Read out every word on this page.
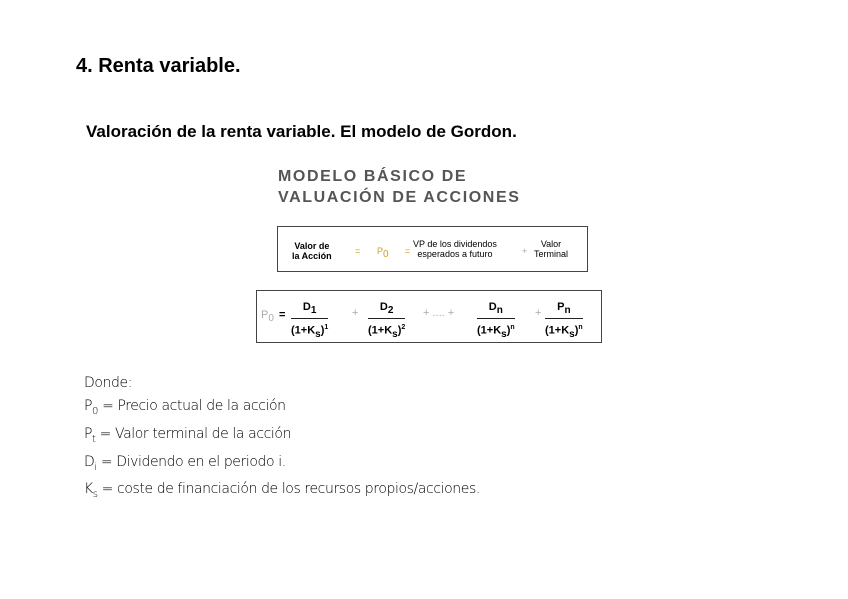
4. Renta variable.
Valoración de la renta variable. El modelo de Gordon.
MODELO BÁSICO DE
VALUACIÓN DE ACCIONES
Valor de
la Acción	= $P_0$ =
VP de los dividendos
esperados a futuro	+
Valor
Terminal
$P_0 = \frac{D_1}{(1+K_s)^1} + \frac{D_2}{(1+K_s)^2}$ + .... + $\frac{D_n}{(1+K_s)^n} + \frac{P_n}{(1+K_s)^n}$
Donde:
$P_0$ = Precio actual de la acción
$P_t$ = Valor terminal de la acción
$D_i$ = Dividendo en el periodo i.
$K_s$ = coste de financiación de los recursos propios/acciones.
